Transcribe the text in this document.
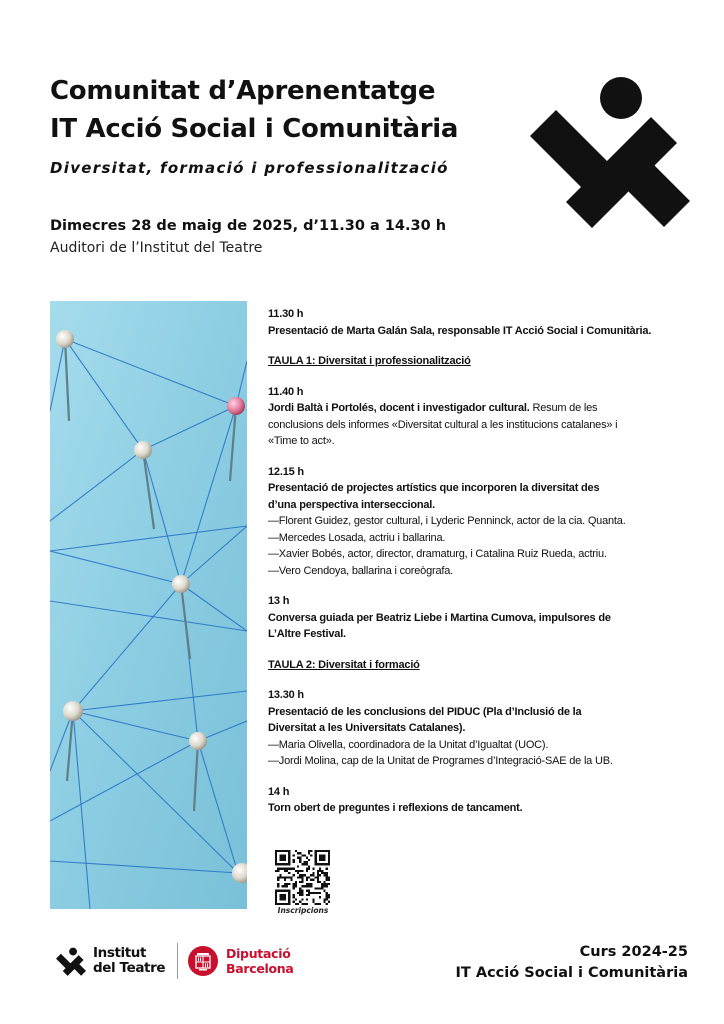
Comunitat d’Aprenentatge
IT Acció Social i Comunitària
Diversitat, formació i professionalització
Dimecres 28 de maig de 2025, d’11.30 a 14.30 h
Auditori de l’Institut del Teatre
11.30 h
Presentació de Marta Galán Sala, responsable IT Acció Social i Comunitària.
TAULA 1: Diversitat i professionalització
11.40 h
Jordi Baltà i Portolés, docent i investigador cultural. Resum de les
conclusions dels informes «Diversitat cultural a les institucions catalanes» i
«Time to act».
12.15 h
Presentació de projectes artístics que incorporen la diversitat des
d’una perspectiva interseccional.
—Florent Guidez, gestor cultural, i Lyderic Penninck, actor de la cia. Quanta.
—Mercedes Losada, actriu i ballarina.
—Xavier Bobés, actor, director, dramaturg, i Catalina Ruiz Rueda, actriu.
—Vero Cendoya, ballarina i coreògrafa.
13 h
Conversa guiada per Beatriz Liebe i Martina Cumova, impulsores de
L’Altre Festival.
TAULA 2: Diversitat i formació
13.30 h
Presentació de les conclusions del PIDUC (Pla d’Inclusió de la
Diversitat a les Universitats Catalanes).
—Maria Olivella, coordinadora de la Unitat d’Igualtat (UOC).
—Jordi Molina, cap de la Unitat de Programes d’Integració-SAE de la UB.
14 h
Torn obert de preguntes i reflexions de tancament.
Inscripcions
Institut
del Teatre
Diputació
Barcelona
Curs 2024-25
IT Acció Social i Comunitària
